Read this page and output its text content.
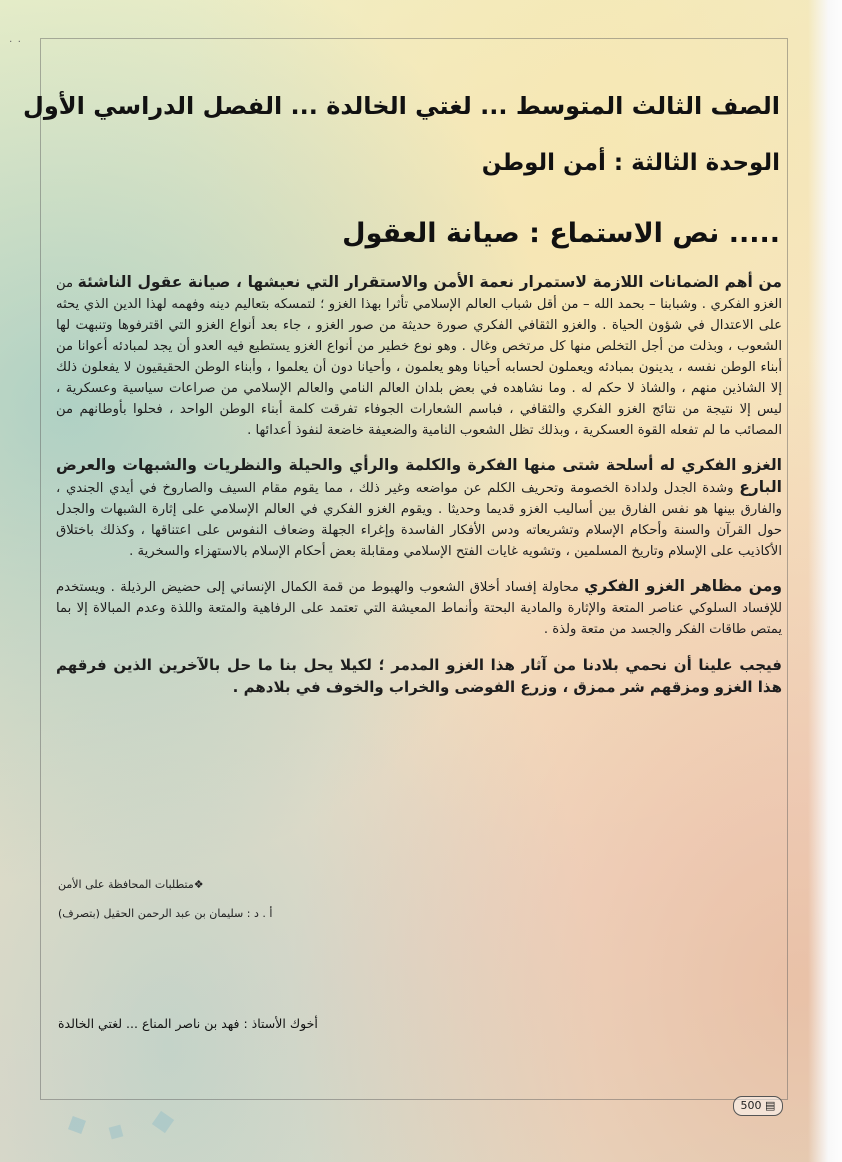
٠ ٠
الصف الثالث المتوسط ... لغتي الخالدة ... الفصل الدراسي الأول
الوحدة الثالثة : أمن الوطن
..... نص الاستماع : صيانة العقول

من أهم الضمانات اللازمة لاستمرار نعمة الأمن والاستقرار التي نعيشها ، صيانة عقول الناشئة من الغزو الفكري . وشبابنا – بحمد الله – من أقل شباب العالم الإسلامي تأثرا بهذا الغزو ؛ لتمسكه بتعاليم دينه وفهمه لهذا الدين الذي يحثه على الاعتدال في شؤون الحياة . والغزو الثقافي الفكري صورة حديثة من صور الغزو ، جاء بعد أنواع الغزو التي اقترفوها وتنبهت لها الشعوب ، وبذلت من أجل التخلص منها كل مرتخص وغال . وهو نوع خطير من أنواع الغزو يستطيع فيه العدو أن يجد لمبادئه أعوانا من أبناء الوطن نفسه ، يدينون بمبادئه ويعملون لحسابه أحيانا وهو يعلمون ، وأحيانا دون أن يعلموا ، وأبناء الوطن الحقيقيون لا يفعلون ذلك إلا الشاذين منهم ، والشاذ لا حكم له . وما نشاهده في بعض بلدان العالم النامي والعالم الإسلامي من صراعات سياسية وعسكرية ، ليس إلا نتيجة من نتائج الغزو الفكري والثقافي ، فباسم الشعارات الجوفاء تفرقت كلمة أبناء الوطن الواحد ، فحلوا بأوطانهم من المصائب ما لم تفعله القوة العسكرية ، وبذلك تظل الشعوب النامية والضعيفة خاضعة لنفوذ أعدائها .

الغزو الفكري له أسلحة شتى منها الفكرة والكلمة والرأي والحيلة والنظريات والشبهات والعرض البارع وشدة الجدل ولدادة الخصومة وتحريف الكلم عن مواضعه وغير ذلك ، مما يقوم مقام السيف والصاروخ في أيدي الجندي ، والفارق بينها هو نفس الفارق بين أساليب الغزو قديما وحديثا . ويقوم الغزو الفكري في العالم الإسلامي على إثارة الشبهات والجدل حول القرآن والسنة وأحكام الإسلام وتشريعاته ودس الأفكار الفاسدة وإغراء الجهلة وضعاف النفوس على اعتناقها ، وكذلك باختلاق الأكاذيب على الإسلام وتاريخ المسلمين ، وتشويه غايات الفتح الإسلامي ومقابلة بعض أحكام الإسلام بالاستهزاء والسخرية .

ومن مظاهر الغزو الفكري محاولة إفساد أخلاق الشعوب والهبوط من قمة الكمال الإنساني إلى حضيض الرذيلة . ويستخدم للإفساد السلوكي عناصر المتعة والإثارة والمادية البحتة وأنماط المعيشة التي تعتمد على الرفاهية والمتعة واللذة وعدم المبالاة إلا بما يمتص طاقات الفكر والجسد من متعة ولذة .

فيجب علينا أن نحمي بلادنا من آثار هذا الغزو المدمر ؛ لكيلا يحل بنا ما حل بالآخرين الذين فرقهم هذا الغزو ومزقهم شر ممزق ، وزرع الفوضى والخراب والخوف في بلادهم .

❖متطلبات المحافظة على الأمن
أ . د : سليمان بن عبد الرحمن الحقيل (بتصرف)
أخوك الأستاذ : فهد بن ناصر المناع ... لغتي الخالدة
500 ▤
